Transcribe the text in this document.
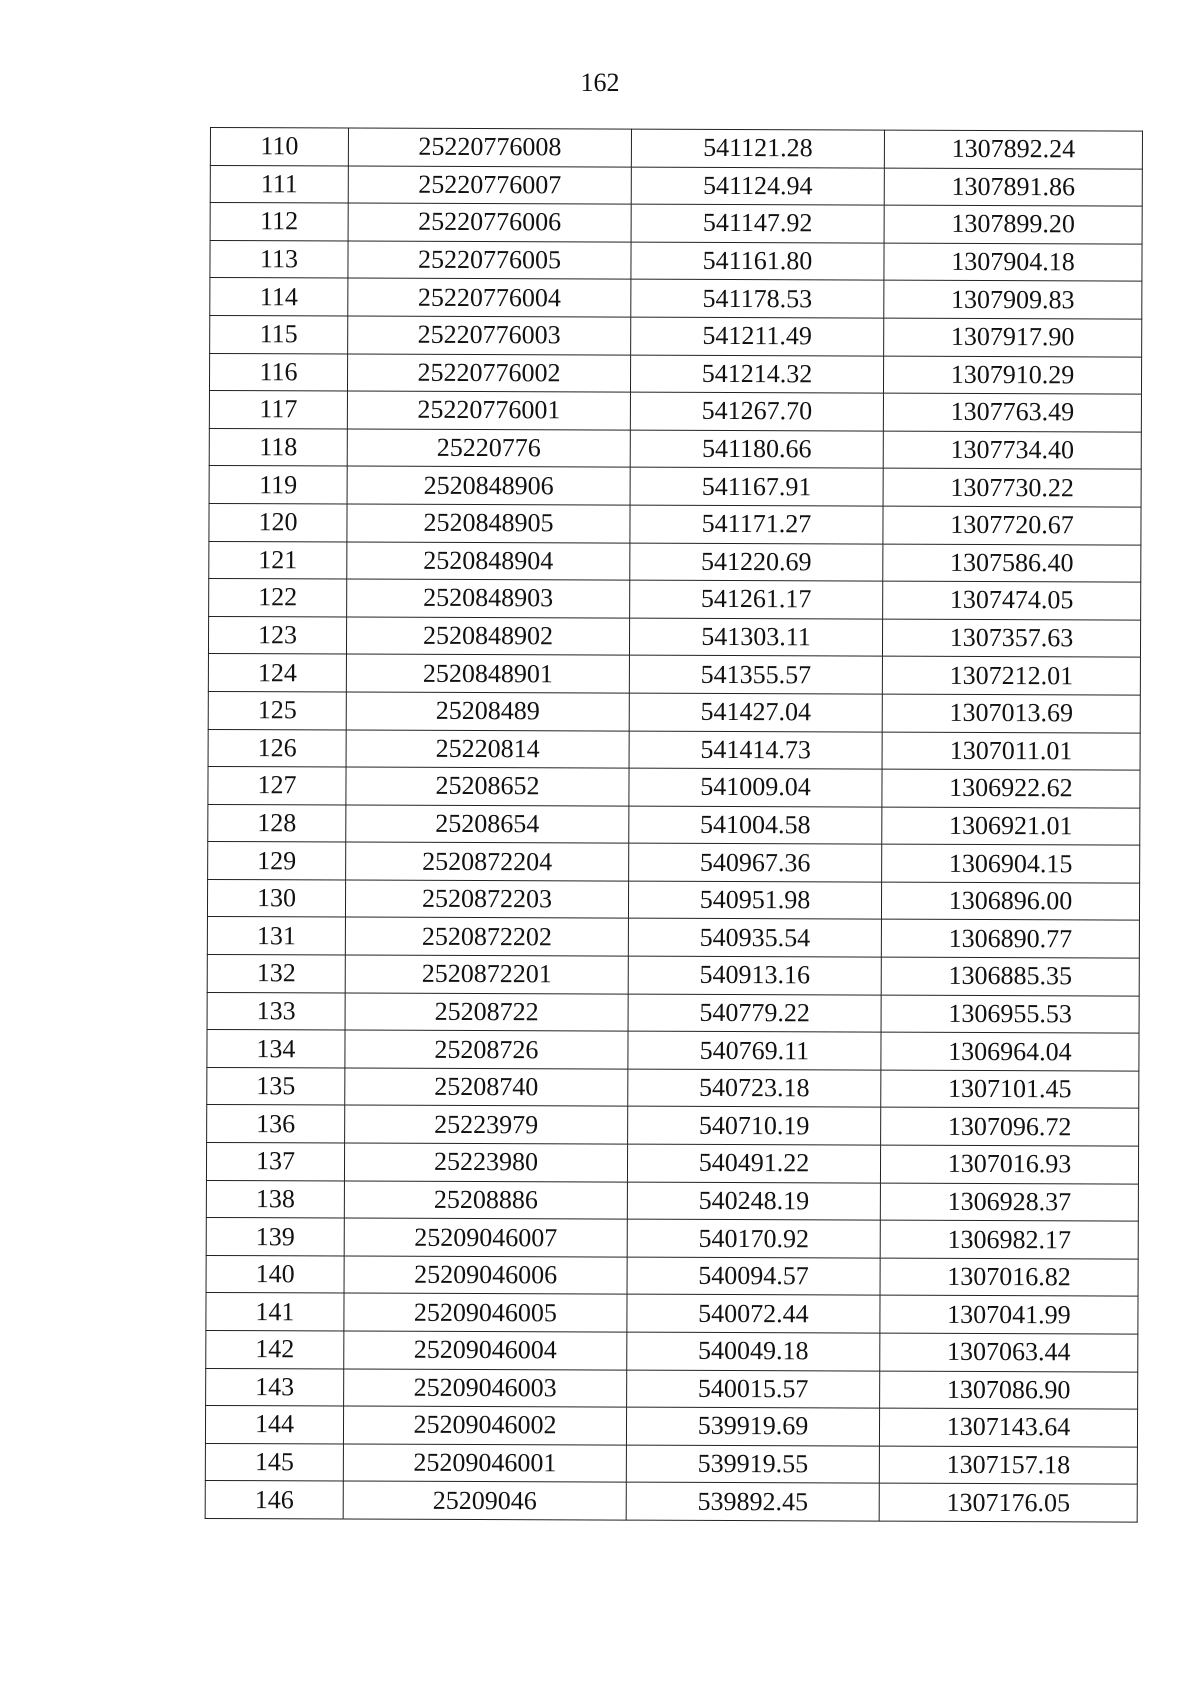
162
110	25220776008	541121.28	1307892.24
111	25220776007	541124.94	1307891.86
112	25220776006	541147.92	1307899.20
113	25220776005	541161.80	1307904.18
114	25220776004	541178.53	1307909.83
115	25220776003	541211.49	1307917.90
116	25220776002	541214.32	1307910.29
117	25220776001	541267.70	1307763.49
118	25220776	541180.66	1307734.40
119	2520848906	541167.91	1307730.22
120	2520848905	541171.27	1307720.67
121	2520848904	541220.69	1307586.40
122	2520848903	541261.17	1307474.05
123	2520848902	541303.11	1307357.63
124	2520848901	541355.57	1307212.01
125	25208489	541427.04	1307013.69
126	25220814	541414.73	1307011.01
127	25208652	541009.04	1306922.62
128	25208654	541004.58	1306921.01
129	2520872204	540967.36	1306904.15
130	2520872203	540951.98	1306896.00
131	2520872202	540935.54	1306890.77
132	2520872201	540913.16	1306885.35
133	25208722	540779.22	1306955.53
134	25208726	540769.11	1306964.04
135	25208740	540723.18	1307101.45
136	25223979	540710.19	1307096.72
137	25223980	540491.22	1307016.93
138	25208886	540248.19	1306928.37
139	25209046007	540170.92	1306982.17
140	25209046006	540094.57	1307016.82
141	25209046005	540072.44	1307041.99
142	25209046004	540049.18	1307063.44
143	25209046003	540015.57	1307086.90
144	25209046002	539919.69	1307143.64
145	25209046001	539919.55	1307157.18
146	25209046	539892.45	1307176.05
